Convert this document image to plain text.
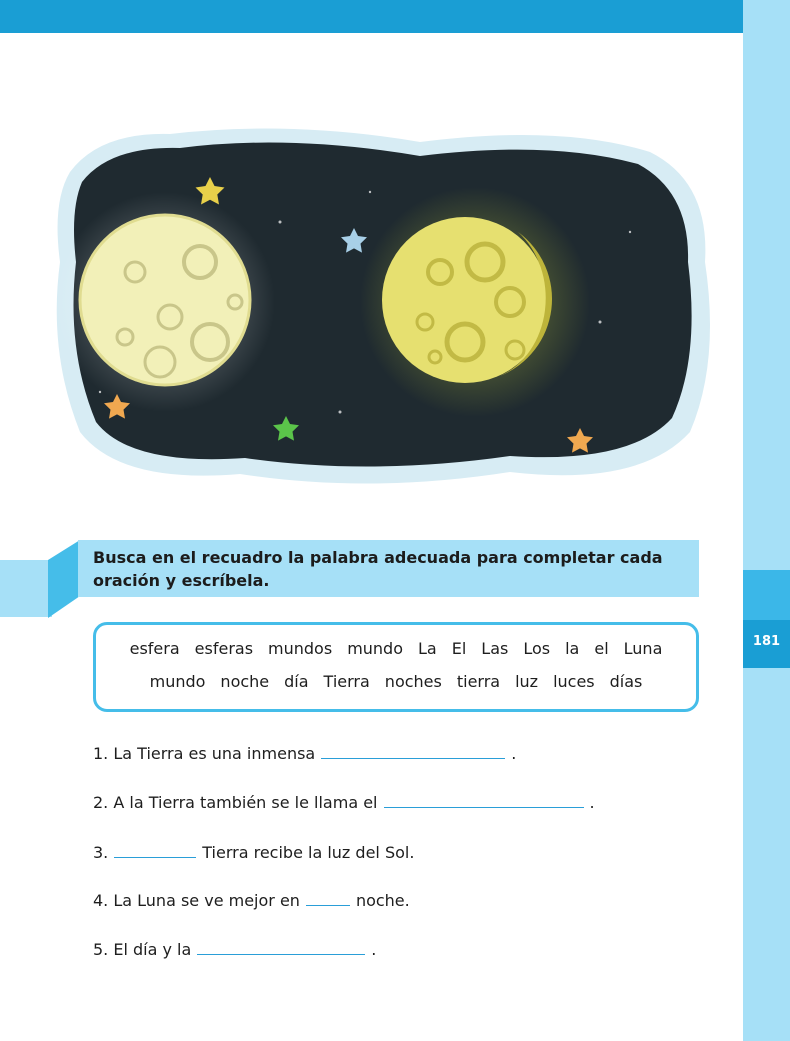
181
Busca en el recuadro la palabra adecuada para completar cada oración y escríbela.
esfera esferas mundos mundo La El Las Los la el Luna
mundo noche día Tierra noches tierra luz luces días
1. La Tierra es una inmensa	.
2. A la Tierra también se le llama el	.
3.	Tierra recibe la luz del Sol.
4. La Luna se ve mejor en	noche.
5. El día y la	.
